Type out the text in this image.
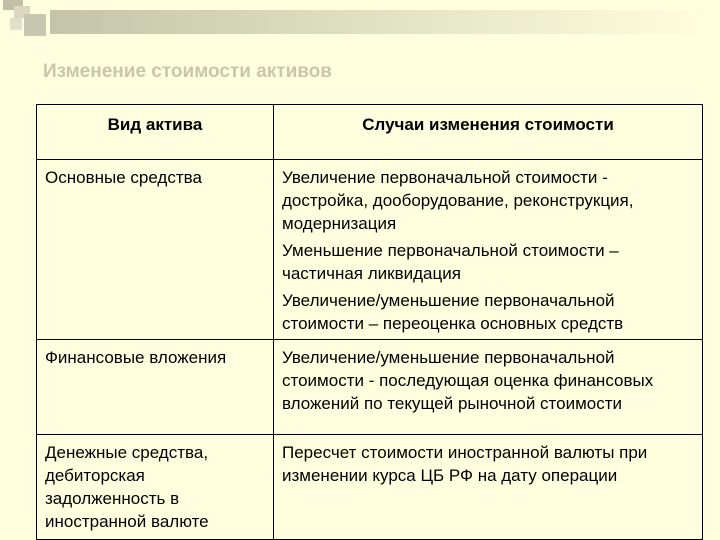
Изменение стоимости активов
Вид актива	Случаи изменения стоимости
Основные средства	Увеличение первоначальной стоимости - достройка, дооборудование, реконструкция, модернизация
Уменьшение первоначальной стоимости – частичная ликвидация
Увеличение/уменьшение первоначальной стоимости – переоценка основных средств

Финансовые вложения	Увеличение/уменьшение первоначальной стоимости - последующая оценка финансовых вложений по текущей рыночной стоимости

Денежные средства, дебиторская задолженность в иностранной валюте	Пересчет стоимости иностранной валюты при изменении курса ЦБ РФ на дату операции
